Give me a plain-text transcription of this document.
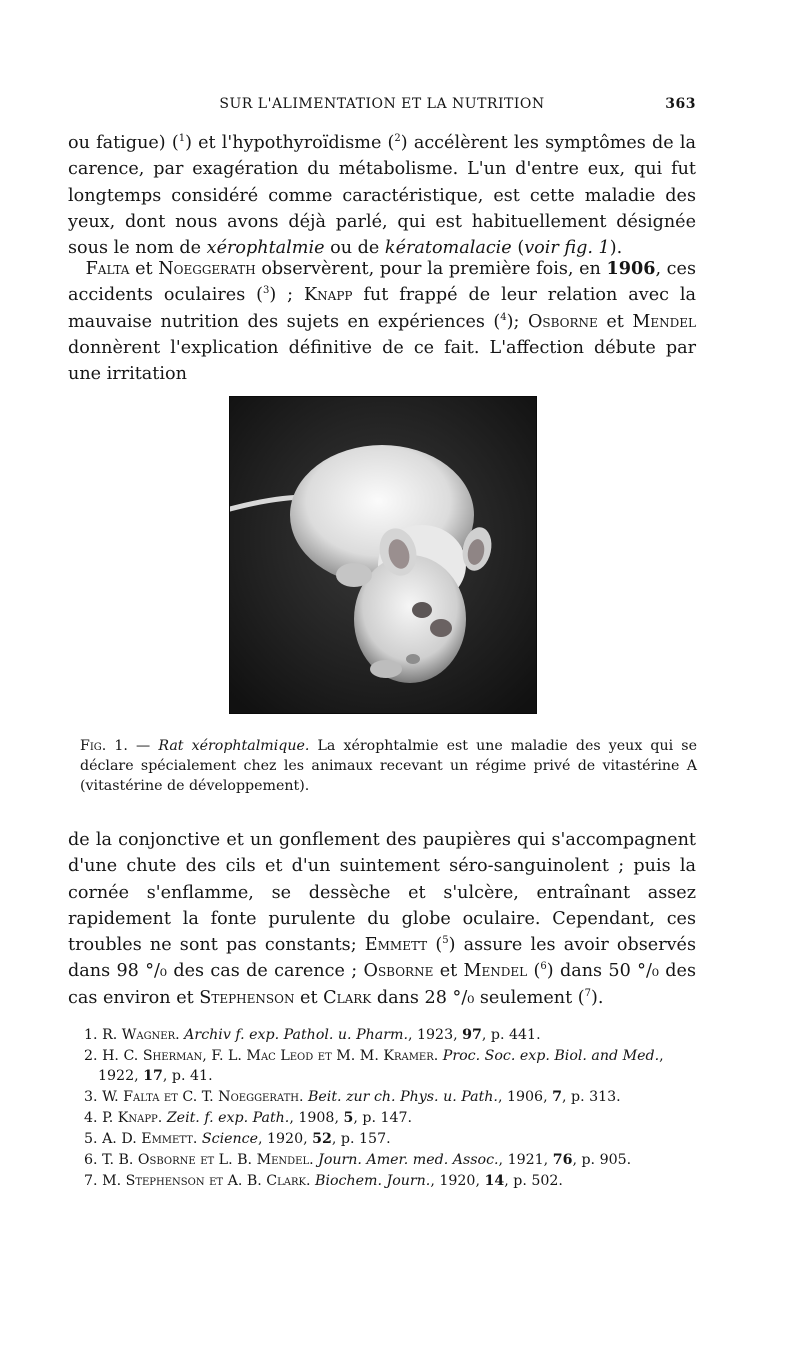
SUR L'ALIMENTATION ET LA NUTRITION	363
ou fatigue) ($^1$) et l'hypothyroïdisme ($^2$) accélèrent les symptômes de la carence, par exagération du métabolisme. L'un d'entre eux, qui fut longtemps considéré comme caractéristique, est cette maladie des yeux, dont nous avons déjà parlé, qui est habituellement désignée sous le nom de xérophtalmie ou de kératomalacie (voir fig. 1).
 Falta et Noeggerath observèrent, pour la première fois, en 1906, ces accidents oculaires ($^3$) ; Knapp fut frappé de leur relation avec la mauvaise nutrition des sujets en expériences ($^4$); Osborne et Mendel donnèrent l'explication définitive de ce fait. L'affection débute par une irritation
Fig. 1. — Rat xérophtalmique. La xérophtalmie est une maladie des yeux qui se déclare spécialement chez les animaux recevant un régime privé de vitastérine A (vitastérine de développement).
de la conjonctive et un gonflement des paupières qui s'accompagnent d'une chute des cils et d'un suintement séro-sanguinolent ; puis la cornée s'enflamme, se dessèche et s'ulcère, entraînant assez rapidement la fonte purulente du globe oculaire. Cependant, ces troubles ne sont pas constants; Emmett ($^5$) assure les avoir observés dans 98 °/₀ des cas de carence ; Osborne et Mendel ($^6$) dans 50 °/₀ des cas environ et Stephenson et Clark dans 28 °/₀ seulement ($^7$).
1. R. Wagner. Archiv f. exp. Pathol. u. Pharm., 1923, 97, p. 441.
2. H. C. Sherman, F. L. Mac Leod et M. M. Kramer. Proc. Soc. exp. Biol. and Med., 1922, 17, p. 41.
3. W. Falta et C. T. Noeggerath. Beit. zur ch. Phys. u. Path., 1906, 7, p. 313.
4. P. Knapp. Zeit. f. exp. Path., 1908, 5, p. 147.
5. A. D. Emmett. Science, 1920, 52, p. 157.
6. T. B. Osborne et L. B. Mendel. Journ. Amer. med. Assoc., 1921, 76, p. 905.
7. M. Stephenson et A. B. Clark. Biochem. Journ., 1920, 14, p. 502.
